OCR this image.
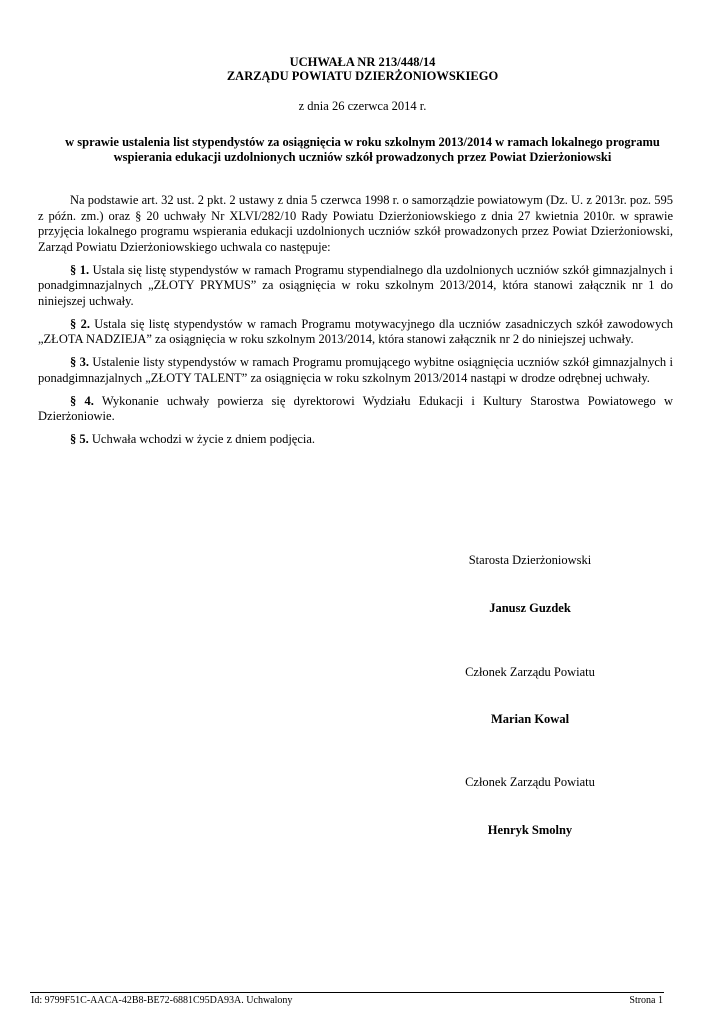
UCHWAŁA NR 213/448/14
ZARZĄDU POWIATU DZIERŻONIOWSKIEGO
z dnia 26 czerwca 2014 r.
w sprawie ustalenia list stypendystów za osiągnięcia w roku szkolnym 2013/2014 w ramach lokalnego programu wspierania edukacji uzdolnionych uczniów szkół prowadzonych przez Powiat Dzierżoniowski

Na podstawie art. 32 ust. 2 pkt. 2 ustawy z dnia 5 czerwca 1998 r. o samorządzie powiatowym (Dz. U. z 2013r. poz. 595 z późn. zm.) oraz § 20 uchwały Nr XLVI/282/10 Rady Powiatu Dzierżoniowskiego z dnia 27 kwietnia 2010r. w sprawie przyjęcia lokalnego programu wspierania edukacji uzdolnionych uczniów szkół prowadzonych przez Powiat Dzierżoniowski, Zarząd Powiatu Dzierżoniowskiego uchwala co następuje:

§ 1. Ustala się listę stypendystów w ramach Programu stypendialnego dla uzdolnionych uczniów szkół gimnazjalnych i ponadgimnazjalnych „ZŁOTY PRYMUS” za osiągnięcia w roku szkolnym 2013/2014, która stanowi załącznik nr 1 do niniejszej uchwały.

§ 2. Ustala się listę stypendystów w ramach Programu motywacyjnego dla uczniów zasadniczych szkół zawodowych „ZŁOTA NADZIEJA” za osiągnięcia w roku szkolnym 2013/2014, która stanowi załącznik nr 2 do niniejszej uchwały.

§ 3. Ustalenie listy stypendystów w ramach Programu promującego wybitne osiągnięcia uczniów szkół gimnazjalnych i ponadgimnazjalnych „ZŁOTY TALENT” za osiągnięcia w roku szkolnym 2013/2014 nastąpi w drodze odrębnej uchwały.

§ 4. Wykonanie uchwały powierza się dyrektorowi Wydziału Edukacji i Kultury Starostwa Powiatowego w Dzierżoniowie.

§ 5. Uchwała wchodzi w życie z dniem podjęcia.

Starosta Dzierżoniowski
Janusz Guzdek
Członek Zarządu Powiatu
Marian Kowal
Członek Zarządu Powiatu
Henryk Smolny
Id: 9799F51C-AACA-42B8-BE72-6881C95DA93A. Uchwalony	Strona 1
